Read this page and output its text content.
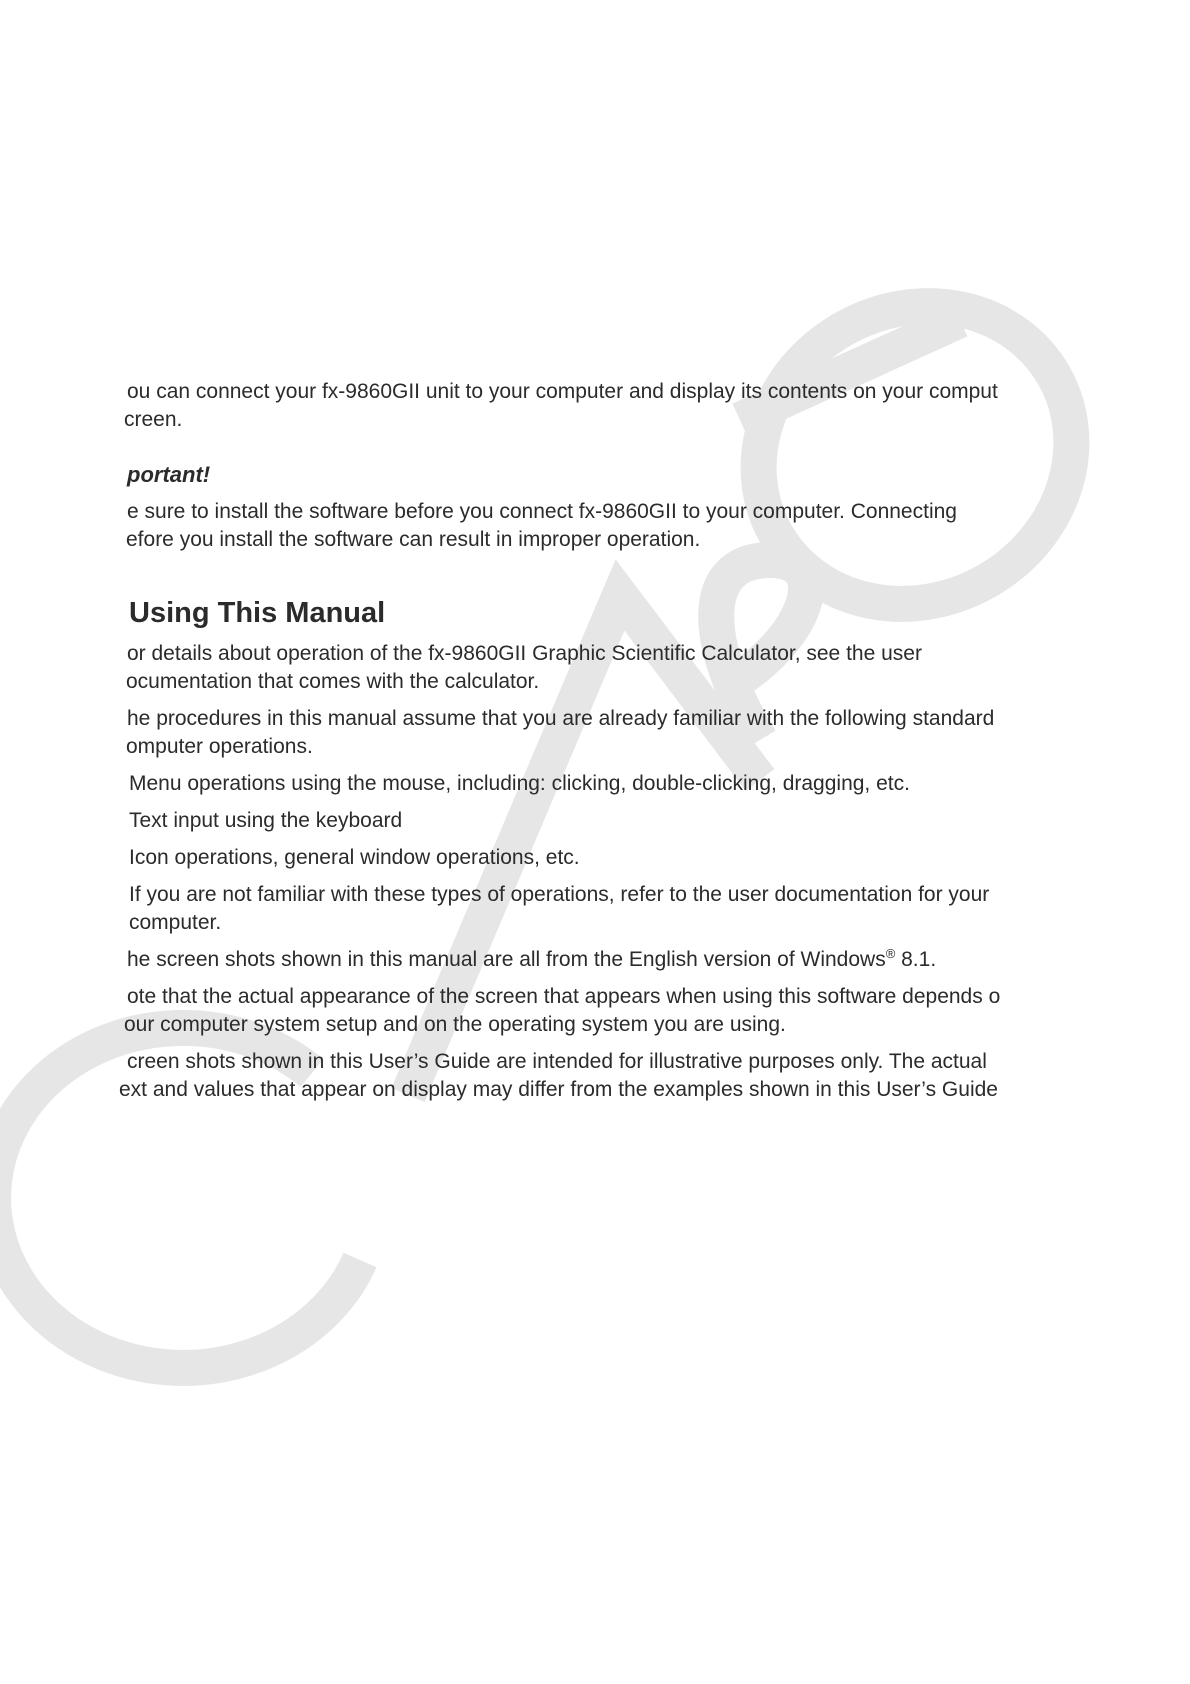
ou can connect your fx-9860GII unit to your computer and display its contents on your comput

creen.

portant!

e sure to install the software before you connect fx-9860GII to your computer. Connecting

efore you install the software can result in improper operation.

Using This Manual

or details about operation of the fx-9860GII Graphic Scientific Calculator, see the user

ocumentation that comes with the calculator.

he procedures in this manual assume that you are already familiar with the following standard

omputer operations.

Menu operations using the mouse, including: clicking, double-clicking, dragging, etc.

Text input using the keyboard

Icon operations, general window operations, etc.

If you are not familiar with these types of operations, refer to the user documentation for your

computer.

he screen shots shown in this manual are all from the English version of Windows® 8.1.

ote that the actual appearance of the screen that appears when using this software depends o

our computer system setup and on the operating system you are using.

creen shots shown in this User’s Guide are intended for illustrative purposes only. The actual

ext and values that appear on display may differ from the examples shown in this User’s Guide
